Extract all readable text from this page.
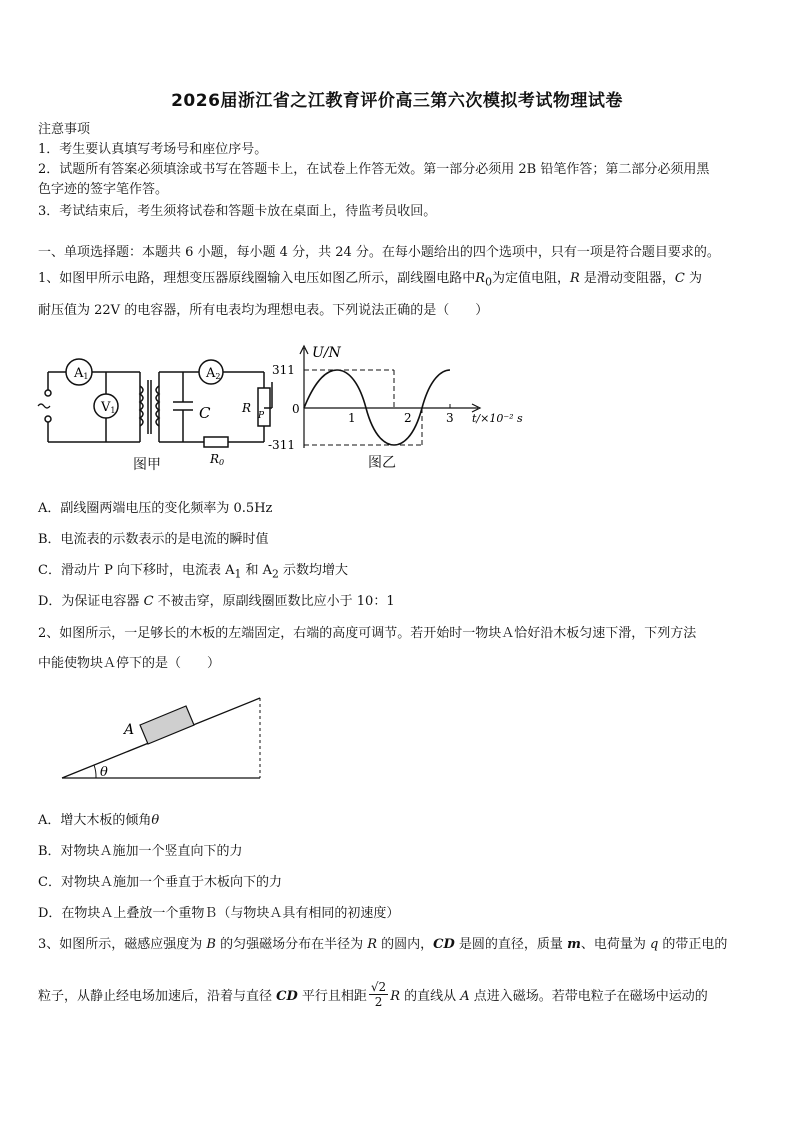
2026届浙江省之江教育评价高三第六次模拟考试物理试卷
注意事项
1．考生要认真填写考场号和座位序号。
2．试题所有答案必须填涂或书写在答题卡上，在试卷上作答无效。第一部分必须用 2B 铅笔作答；第二部分必须用黑
色字迹的签字笔作答。
3．考试结束后，考生须将试卷和答题卡放在桌面上，待监考员收回。
一、单项选择题：本题共 6 小题，每小题 4 分，共 24 分。在每小题给出的四个选项中，只有一项是符合题目要求的。
1、如图甲所示电路，理想变压器原线圈输入电压如图乙所示，副线圈电路中$R_0$为定值电阻，R 是滑动变阻器，C 为
耐压值为 22V 的电容器，所有电表均为理想电表。下列说法正确的是（　　）
A1
V1
A2
C	R
P
R0
图甲
U/N
311
0
-311
1	2	3 t/×10⁻² s
图乙
A．副线圈两端电压的变化频率为 0.5Hz
B．电流表的示数表示的是电流的瞬时值
C．滑动片 P 向下移时，电流表 $A_1$ 和 $A_2$ 示数均增大
D．为保证电容器 C 不被击穿，原副线圈匝数比应小于 10：1
2、如图所示，一足够长的木板的左端固定，右端的高度可调节。若开始时一物块Ａ恰好沿木板匀速下滑，下列方法
中能使物块Ａ停下的是（　　）
A
θ
A．增大木板的倾角θ
B．对物块Ａ施加一个竖直向下的力
C．对物块Ａ施加一个垂直于木板向下的力
D．在物块Ａ上叠放一个重物Ｂ（与物块Ａ具有相同的初速度）
3、如图所示，磁感应强度为 B 的匀强磁场分布在半径为 R 的圆内，CD 是圆的直径，质量 m、电荷量为 q 的带正电的
粒子，从静止经电场加速后，沿着与直径 CD 平行且相距 $\frac{√2}{2}$ R 的直线从 A 点进入磁场。若带电粒子在磁场中运动的
